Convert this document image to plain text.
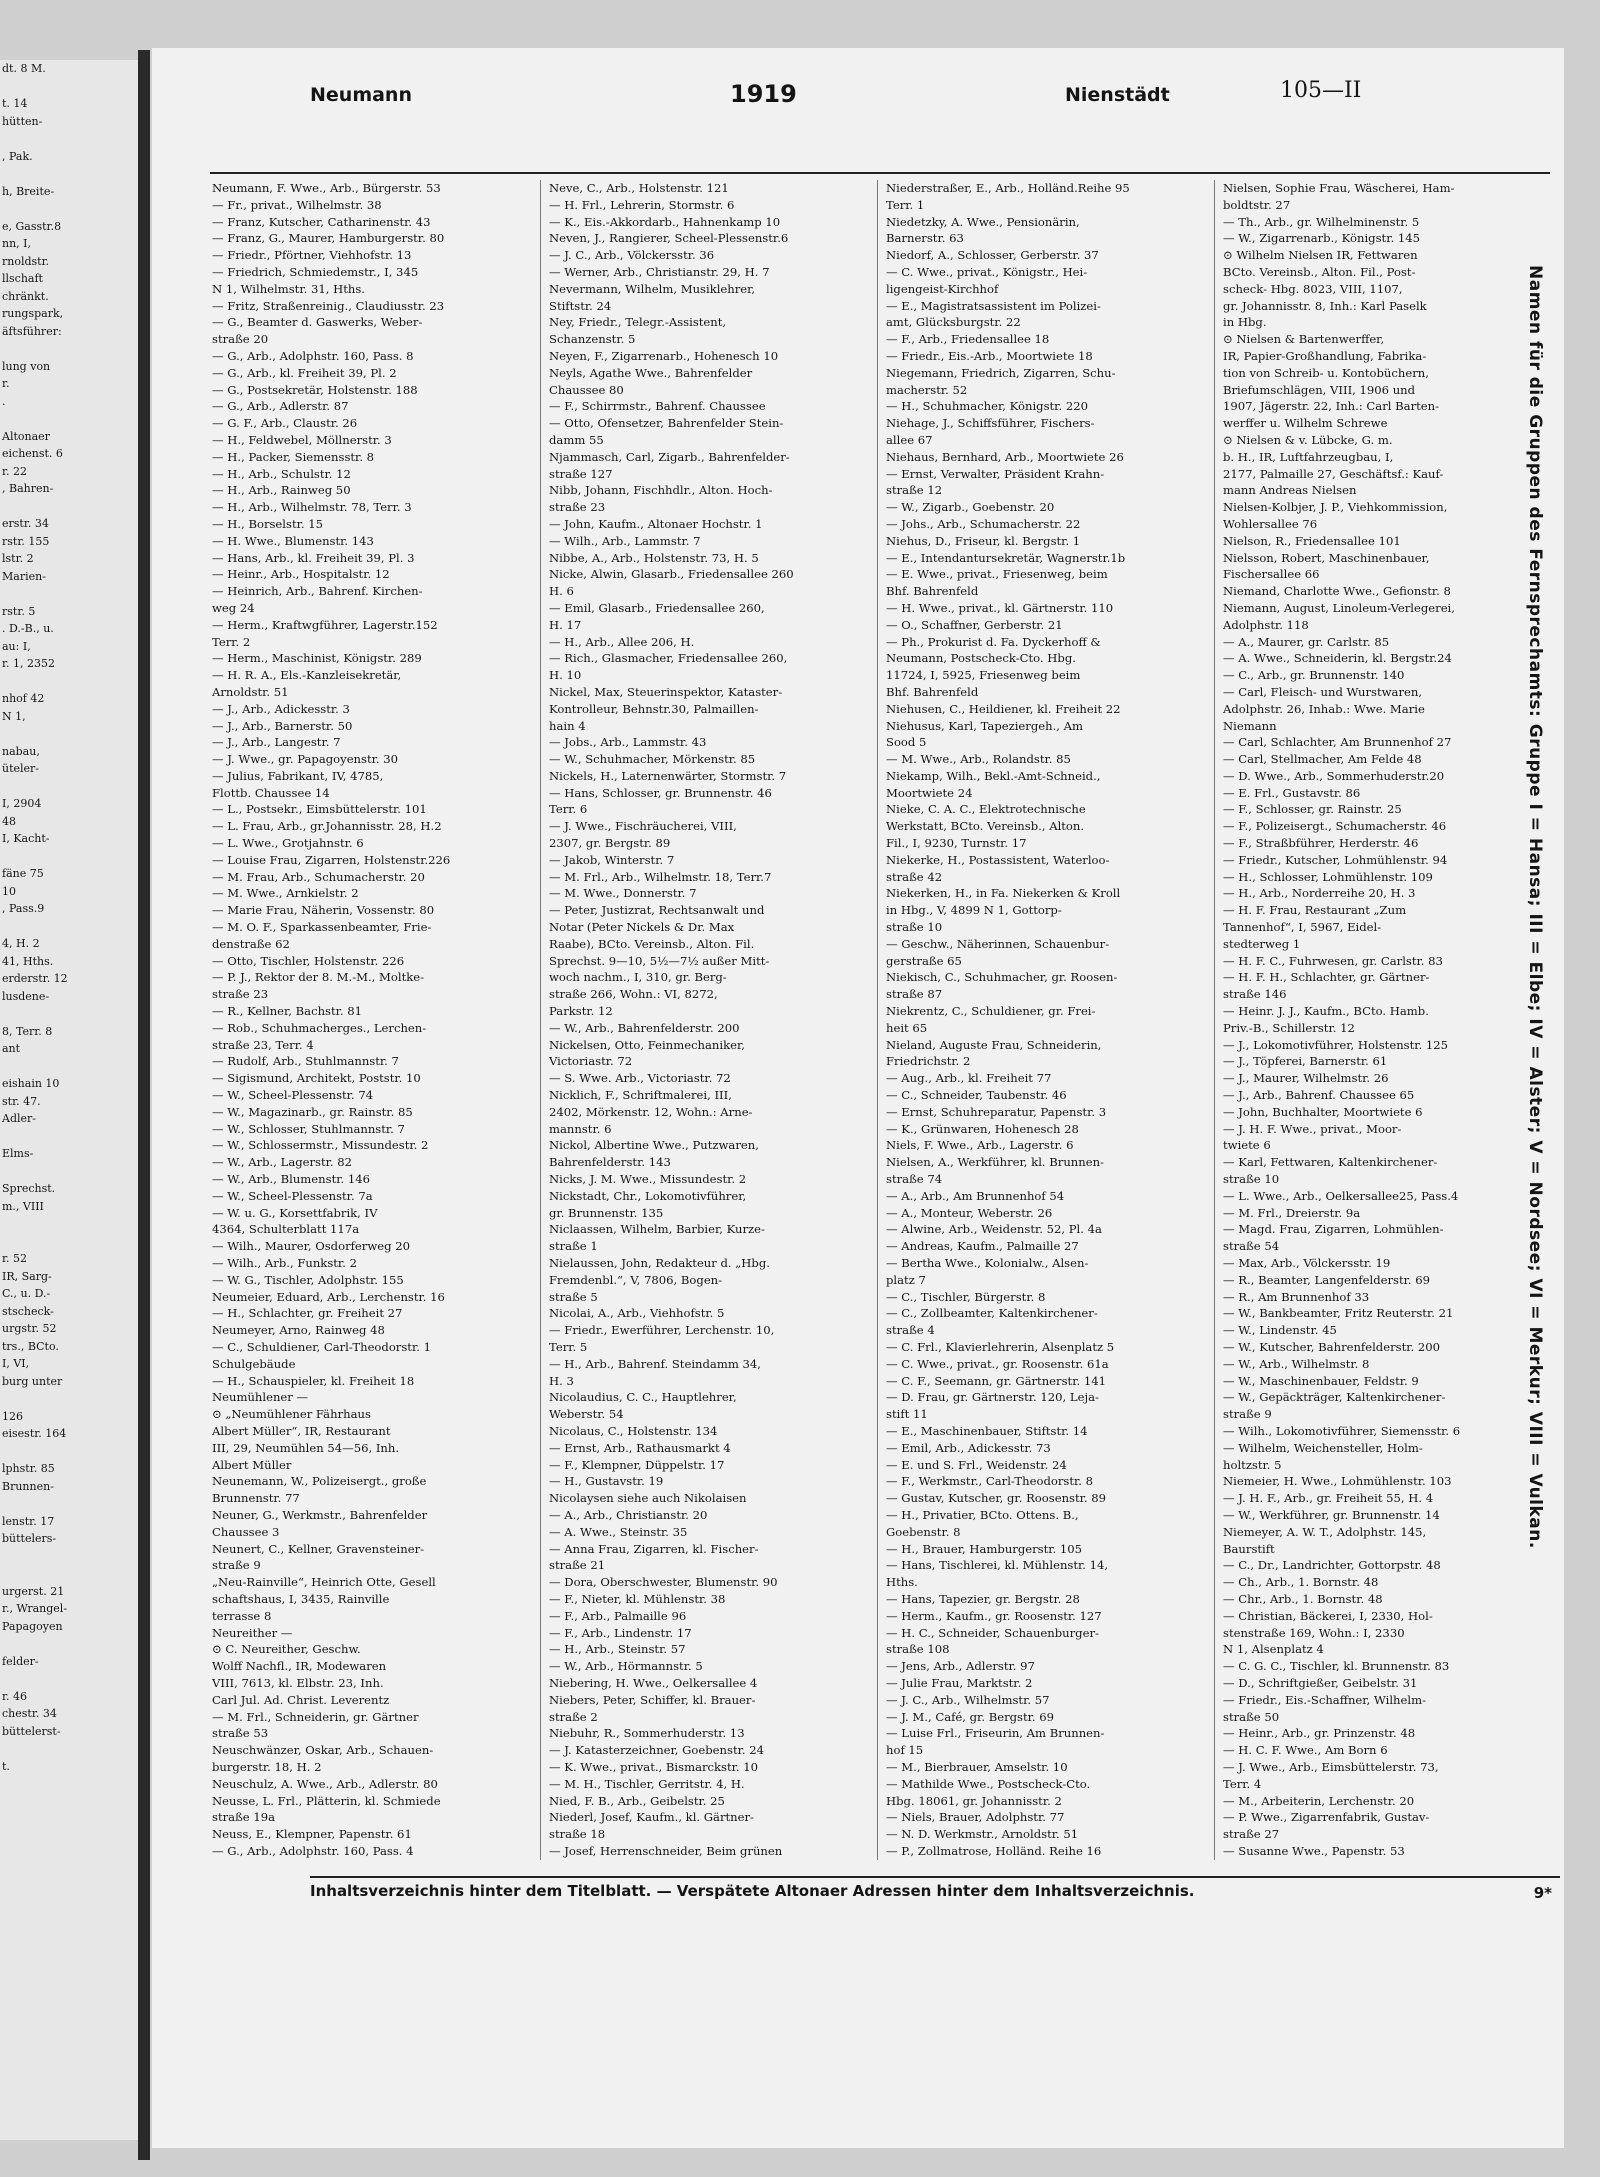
dt. 8 M.

t. 14
hütten-

, Pak.

h, Breite-

e, Gasstr.8
nn, I,
rnoldstr.
llschaft
chränkt.
rungspark,
äftsführer:

lung von
r.
.

Altonaer
eichenst. 6
r. 22
, Bahren-

erstr. 34
rstr. 155
lstr. 2
Marien-

rstr. 5
. D.-B., u.
au: I,
r. 1, 2352

nhof 42
N 1,

nabau,
üteler-

I, 2904
48
I, Kacht-

fäne 75
10
, Pass.9

4, H. 2
41, Hths.
erderstr. 12
lusdene-

8, Terr. 8
ant

eishain 10
str. 47.
Adler-

Elms-

Sprechst.
m., VIII

r. 52
IR, Sarg-
C., u. D.-
stscheck-
urgstr. 52
trs., BCto.
I, VI,
burg unter

126
eisestr. 164

lphstr. 85
Brunnen-

lenstr. 17
büttelers-

urgerst. 21
r., Wrangel-
Papagoyen

felder-

r. 46
chestr. 34
büttelerst-

t.
Neumann	1919	Nienstädt	105—II
Neumann, F. Wwe., Arb., Bürgerstr. 53
— Fr., privat., Wilhelmstr. 38
— Franz, Kutscher, Catharinenstr. 43
— Franz, G., Maurer, Hamburgerstr. 80
— Friedr., Pförtner, Viehhofstr. 13
— Friedrich, Schmiedemstr., I, 345
N 1, Wilhelmstr. 31, Hths.
— Fritz, Straßenreinig., Claudiusstr. 23
— G., Beamter d. Gaswerks, Weber-
straße 20
— G., Arb., Adolphstr. 160, Pass. 8
— G., Arb., kl. Freiheit 39, Pl. 2
— G., Postsekretär, Holstenstr. 188
— G., Arb., Adlerstr. 87
— G. F., Arb., Claustr. 26
— H., Feldwebel, Möllnerstr. 3
— H., Packer, Siemensstr. 8
— H., Arb., Schulstr. 12
— H., Arb., Rainweg 50
— H., Arb., Wilhelmstr. 78, Terr. 3
— H., Borselstr. 15
— H. Wwe., Blumenstr. 143
— Hans, Arb., kl. Freiheit 39, Pl. 3
— Heinr., Arb., Hospitalstr. 12
— Heinrich, Arb., Bahrenf. Kirchen-
weg 24
— Herm., Kraftwgführer, Lagerstr.152
Terr. 2
— Herm., Maschinist, Königstr. 289
— H. R. A., Els.-Kanzleisekretär,
Arnoldstr. 51
— J., Arb., Adickesstr. 3
— J., Arb., Barnerstr. 50
— J., Arb., Langestr. 7
— J. Wwe., gr. Papagoyenstr. 30
— Julius, Fabrikant, IV, 4785,
Flottb. Chaussee 14
— L., Postsekr., Eimsbüttelerstr. 101
— L. Frau, Arb., gr.Johannisstr. 28, H.2
— L. Wwe., Grotjahnstr. 6
— Louise Frau, Zigarren, Holstenstr.226
— M. Frau, Arb., Schumacherstr. 20
— M. Wwe., Arnkielstr. 2
— Marie Frau, Näherin, Vossenstr. 80
— M. O. F., Sparkassenbeamter, Frie-
denstraße 62
— Otto, Tischler, Holstenstr. 226
— P. J., Rektor der 8. M.-M., Moltke-
straße 23
— R., Kellner, Bachstr. 81
— Rob., Schuhmacherges., Lerchen-
straße 23, Terr. 4
— Rudolf, Arb., Stuhlmannstr. 7
— Sigismund, Architekt, Poststr. 10
— W., Scheel-Plessenstr. 74
— W., Magazinarb., gr. Rainstr. 85
— W., Schlosser, Stuhlmannstr. 7
— W., Schlossermstr., Missundestr. 2
— W., Arb., Lagerstr. 82
— W., Arb., Blumenstr. 146
— W., Scheel-Plessenstr. 7a
— W. u. G., Korsettfabrik, IV
4364, Schulterblatt 117a
— Wilh., Maurer, Osdorferweg 20
— Wilh., Arb., Funkstr. 2
— W. G., Tischler, Adolphstr. 155
Neumeier, Eduard, Arb., Lerchenstr. 16
— H., Schlachter, gr. Freiheit 27
Neumeyer, Arno, Rainweg 48
— C., Schuldiener, Carl-Theodorstr. 1
Schulgebäude
— H., Schauspieler, kl. Freiheit 18
Neumühlener —
⊙ „Neumühlener Fährhaus
Albert Müller“, IR, Restaurant
III, 29, Neumühlen 54—56, Inh.
Albert Müller
Neunemann, W., Polizeisergt., große
Brunnenstr. 77
Neuner, G., Werkmstr., Bahrenfelder
Chaussee 3
Neunert, C., Kellner, Gravensteiner-
straße 9
„Neu-Rainville“, Heinrich Otte, Gesell
schaftshaus, I, 3435, Rainville
terrasse 8
Neureither —
⊙ C. Neureither, Geschw.
Wolff Nachfl., IR, Modewaren
VIII, 7613, kl. Elbstr. 23, Inh.
Carl Jul. Ad. Christ. Leverentz
— M. Frl., Schneiderin, gr. Gärtner
straße 53
Neuschwänzer, Oskar, Arb., Schauen-
burgerstr. 18, H. 2
Neuschulz, A. Wwe., Arb., Adlerstr. 80
Neusse, L. Frl., Plätterin, kl. Schmiede
straße 19a
Neuss, E., Klempner, Papenstr. 61
— G., Arb., Adolphstr. 160, Pass. 4
Neve, C., Arb., Holstenstr. 121
— H. Frl., Lehrerin, Stormstr. 6
— K., Eis.-Akkordarb., Hahnenkamp 10
Neven, J., Rangierer, Scheel-Plessenstr.6
— J. C., Arb., Völckersstr. 36
— Werner, Arb., Christianstr. 29, H. 7
Nevermann, Wilhelm, Musiklehrer,
Stiftstr. 24
Ney, Friedr., Telegr.-Assistent,
Schanzenstr. 5
Neyen, F., Zigarrenarb., Hohenesch 10
Neyls, Agathe Wwe., Bahrenfelder
Chaussee 80
— F., Schirrmstr., Bahrenf. Chaussee
— Otto, Ofensetzer, Bahrenfelder Stein-
damm 55
Njammasch, Carl, Zigarb., Bahrenfelder-
straße 127
Nibb, Johann, Fischhdlr., Alton. Hoch-
straße 23
— John, Kaufm., Altonaer Hochstr. 1
— Wilh., Arb., Lammstr. 7
Nibbe, A., Arb., Holstenstr. 73, H. 5
Nicke, Alwin, Glasarb., Friedensallee 260
H. 6
— Emil, Glasarb., Friedensallee 260,
H. 17
— H., Arb., Allee 206, H.
— Rich., Glasmacher, Friedensallee 260,
H. 10
Nickel, Max, Steuerinspektor, Kataster-
Kontrolleur, Behnstr.30, Palmaillen-
hain 4
— Jobs., Arb., Lammstr. 43
— W., Schuhmacher, Mörkenstr. 85
Nickels, H., Laternenwärter, Stormstr. 7
— Hans, Schlosser, gr. Brunnenstr. 46
Terr. 6
— J. Wwe., Fischräucherei, VIII,
2307, gr. Bergstr. 89
— Jakob, Winterstr. 7
— M. Frl., Arb., Wilhelmstr. 18, Terr.7
— M. Wwe., Donnerstr. 7
— Peter, Justizrat, Rechtsanwalt und
Notar (Peter Nickels & Dr. Max
Raabe), BCto. Vereinsb., Alton. Fil.
Sprechst. 9—10, 5½—7½ außer Mitt-
woch nachm., I, 310, gr. Berg-
straße 266, Wohn.: VI, 8272,
Parkstr. 12
— W., Arb., Bahrenfelderstr. 200
Nickelsen, Otto, Feinmechaniker,
Victoriastr. 72
— S. Wwe. Arb., Victoriastr. 72
Nicklich, F., Schriftmalerei, III,
2402, Mörkenstr. 12, Wohn.: Arne-
mannstr. 6
Nickol, Albertine Wwe., Putzwaren,
Bahrenfelderstr. 143
Nicks, J. M. Wwe., Missundestr. 2
Nickstadt, Chr., Lokomotivführer,
gr. Brunnenstr. 135
Niclaassen, Wilhelm, Barbier, Kurze-
straße 1
Nielaussen, John, Redakteur d. „Hbg.
Fremdenbl.“, V, 7806, Bogen-
straße 5
Nicolai, A., Arb., Viehhofstr. 5
— Friedr., Ewerführer, Lerchenstr. 10,
Terr. 5
— H., Arb., Bahrenf. Steindamm 34,
H. 3
Nicolaudius, C. C., Hauptlehrer,
Weberstr. 54
Nicolaus, C., Holstenstr. 134
— Ernst, Arb., Rathausmarkt 4
— F., Klempner, Düppelstr. 17
— H., Gustavstr. 19
Nicolaysen siehe auch Nikolaisen
— A., Arb., Christianstr. 20
— A. Wwe., Steinstr. 35
— Anna Frau, Zigarren, kl. Fischer-
straße 21
— Dora, Oberschwester, Blumenstr. 90
— F., Nieter, kl. Mühlenstr. 38
— F., Arb., Palmaille 96
— F., Arb., Lindenstr. 17
— H., Arb., Steinstr. 57
— W., Arb., Hörmannstr. 5
Niebering, H. Wwe., Oelkersallee 4
Niebers, Peter, Schiffer, kl. Brauer-
straße 2
Niebuhr, R., Sommerhuderstr. 13
— J. Katasterzeichner, Goebenstr. 24
— K. Wwe., privat., Bismarckstr. 10
— M. H., Tischler, Gerritstr. 4, H.
Nied, F. B., Arb., Geibelstr. 25
Niederl, Josef, Kaufm., kl. Gärtner-
straße 18
— Josef, Herrenschneider, Beim grünen
Niederstraßer, E., Arb., Holländ.Reihe 95
Terr. 1
Niedetzky, A. Wwe., Pensionärin,
Barnerstr. 63
Niedorf, A., Schlosser, Gerberstr. 37
— C. Wwe., privat., Königstr., Hei-
ligengeist-Kirchhof
— E., Magistratsassistent im Polizei-
amt, Glücksburgstr. 22
— F., Arb., Friedensallee 18
— Friedr., Eis.-Arb., Moortwiete 18
Niegemann, Friedrich, Zigarren, Schu-
macherstr. 52
— H., Schuhmacher, Königstr. 220
Niehage, J., Schiffsführer, Fischers-
allee 67
Niehaus, Bernhard, Arb., Moortwiete 26
— Ernst, Verwalter, Präsident Krahn-
straße 12
— W., Zigarb., Goebenstr. 20
— Johs., Arb., Schumacherstr. 22
Niehus, D., Friseur, kl. Bergstr. 1
— E., Intendantursekretär, Wagnerstr.1b
— E. Wwe., privat., Friesenweg, beim
Bhf. Bahrenfeld
— H. Wwe., privat., kl. Gärtnerstr. 110
— O., Schaffner, Gerberstr. 21
— Ph., Prokurist d. Fa. Dyckerhoff &
Neumann, Postscheck-Cto. Hbg.
11724, I, 5925, Friesenweg beim
Bhf. Bahrenfeld
Niehusen, C., Heildiener, kl. Freiheit 22
Niehusus, Karl, Tapeziergeh., Am
Sood 5
— M. Wwe., Arb., Rolandstr. 85
Niekamp, Wilh., Bekl.-Amt-Schneid.,
Moortwiete 24
Nieke, C. A. C., Elektrotechnische
Werkstatt, BCto. Vereinsb., Alton.
Fil., I, 9230, Turnstr. 17
Niekerke, H., Postassistent, Waterloo-
straße 42
Niekerken, H., in Fa. Niekerken & Kroll
in Hbg., V, 4899 N 1, Gottorp-
straße 10
— Geschw., Näherinnen, Schauenbur-
gerstraße 65
Niekisch, C., Schuhmacher, gr. Roosen-
straße 87
Niekrentz, C., Schuldiener, gr. Frei-
heit 65
Nieland, Auguste Frau, Schneiderin,
Friedrichstr. 2
— Aug., Arb., kl. Freiheit 77
— C., Schneider, Taubenstr. 46
— Ernst, Schuhreparatur, Papenstr. 3
— K., Grünwaren, Hohenesch 28
Niels, F. Wwe., Arb., Lagerstr. 6
Nielsen, A., Werkführer, kl. Brunnen-
straße 74
— A., Arb., Am Brunnenhof 54
— A., Monteur, Weberstr. 26
— Alwine, Arb., Weidenstr. 52, Pl. 4a
— Andreas, Kaufm., Palmaille 27
— Bertha Wwe., Kolonialw., Alsen-
platz 7
— C., Tischler, Bürgerstr. 8
— C., Zollbeamter, Kaltenkirchener-
straße 4
— C. Frl., Klavierlehrerin, Alsenplatz 5
— C. Wwe., privat., gr. Roosenstr. 61a
— C. F., Seemann, gr. Gärtnerstr. 141
— D. Frau, gr. Gärtnerstr. 120, Leja-
stift 11
— E., Maschinenbauer, Stiftstr. 14
— Emil, Arb., Adickesstr. 73
— E. und S. Frl., Weidenstr. 24
— F., Werkmstr., Carl-Theodorstr. 8
— Gustav, Kutscher, gr. Roosenstr. 89
— H., Privatier, BCto. Ottens. B.,
Goebenstr. 8
— H., Brauer, Hamburgerstr. 105
— Hans, Tischlerei, kl. Mühlenstr. 14,
Hths.
— Hans, Tapezier, gr. Bergstr. 28
— Herm., Kaufm., gr. Roosenstr. 127
— H. C., Schneider, Schauenburger-
straße 108
— Jens, Arb., Adlerstr. 97
— Julie Frau, Marktstr. 2
— J. C., Arb., Wilhelmstr. 57
— J. M., Café, gr. Bergstr. 69
— Luise Frl., Friseurin, Am Brunnen-
hof 15
— M., Bierbrauer, Amselstr. 10
— Mathilde Wwe., Postscheck-Cto.
Hbg. 18061, gr. Johannisstr. 2
— Niels, Brauer, Adolphstr. 77
— N. D. Werkmstr., Arnoldstr. 51
— P., Zollmatrose, Holländ. Reihe 16
Nielsen, Sophie Frau, Wäscherei, Ham-
boldtstr. 27
— Th., Arb., gr. Wilhelminenstr. 5
— W., Zigarrenarb., Königstr. 145
⊙ Wilhelm Nielsen IR, Fettwaren
BCto. Vereinsb., Alton. Fil., Post-
scheck- Hbg. 8023, VIII, 1107,
gr. Johannisstr. 8, Inh.: Karl Paselk
in Hbg.
⊙ Nielsen & Bartenwerffer,
IR, Papier-Großhandlung, Fabrika-
tion von Schreib- u. Kontobüchern,
Briefumschlägen, VIII, 1906 und
1907, Jägerstr. 22, Inh.: Carl Barten-
werffer u. Wilhelm Schrewe
⊙ Nielsen & v. Lübcke, G. m.
b. H., IR, Luftfahrzeugbau, I,
2177, Palmaille 27, Geschäftsf.: Kauf-
mann Andreas Nielsen
Nielsen-Kolbjer, J. P., Viehkommission,
Wohlersallee 76
Nielson, R., Friedensallee 101
Nielsson, Robert, Maschinenbauer,
Fischersallee 66
Niemand, Charlotte Wwe., Gefionstr. 8
Niemann, August, Linoleum-Verlegerei,
Adolphstr. 118
— A., Maurer, gr. Carlstr. 85
— A. Wwe., Schneiderin, kl. Bergstr.24
— C., Arb., gr. Brunnenstr. 140
— Carl, Fleisch- und Wurstwaren,
Adolphstr. 26, Inhab.: Wwe. Marie
Niemann
— Carl, Schlachter, Am Brunnenhof 27
— Carl, Stellmacher, Am Felde 48
— D. Wwe., Arb., Sommerhuderstr.20
— E. Frl., Gustavstr. 86
— F., Schlosser, gr. Rainstr. 25
— F., Polizeisergt., Schumacherstr. 46
— F., Straßbführer, Herderstr. 46
— Friedr., Kutscher, Lohmühlenstr. 94
— H., Schlosser, Lohmühlenstr. 109
— H., Arb., Norderreihe 20, H. 3
— H. F. Frau, Restaurant „Zum
Tannenhof“, I, 5967, Eidel-
stedterweg 1
— H. F. C., Fuhrwesen, gr. Carlstr. 83
— H. F. H., Schlachter, gr. Gärtner-
straße 146
— Heinr. J. J., Kaufm., BCto. Hamb.
Priv.-B., Schillerstr. 12
— J., Lokomotivführer, Holstenstr. 125
— J., Töpferei, Barnerstr. 61
— J., Maurer, Wilhelmstr. 26
— J., Arb., Bahrenf. Chaussee 65
— John, Buchhalter, Moortwiete 6
— J. H. F. Wwe., privat., Moor-
twiete 6
— Karl, Fettwaren, Kaltenkirchener-
straße 10
— L. Wwe., Arb., Oelkersallee25, Pass.4
— M. Frl., Dreierstr. 9a
— Magd. Frau, Zigarren, Lohmühlen-
straße 54
— Max, Arb., Völckersstr. 19
— R., Beamter, Langenfelderstr. 69
— R., Am Brunnenhof 33
— W., Bankbeamter, Fritz Reuterstr. 21
— W., Lindenstr. 45
— W., Kutscher, Bahrenfelderstr. 200
— W., Arb., Wilhelmstr. 8
— W., Maschinenbauer, Feldstr. 9
— W., Gepäckträger, Kaltenkirchener-
straße 9
— Wilh., Lokomotivführer, Siemensstr. 6
— Wilhelm, Weichensteller, Holm-
holtzstr. 5
Niemeier, H. Wwe., Lohmühlenstr. 103
— J. H. F., Arb., gr. Freiheit 55, H. 4
— W., Werkführer, gr. Brunnenstr. 14
Niemeyer, A. W. T., Adolphstr. 145,
Baurstift
— C., Dr., Landrichter, Gottorpstr. 48
— Ch., Arb., 1. Bornstr. 48
— Chr., Arb., 1. Bornstr. 48
— Christian, Bäckerei, I, 2330, Hol-
stenstraße 169, Wohn.: I, 2330
N 1, Alsenplatz 4
— C. G. C., Tischler, kl. Brunnenstr. 83
— D., Schriftgießer, Geibelstr. 31
— Friedr., Eis.-Schaffner, Wilhelm-
straße 50
— Heinr., Arb., gr. Prinzenstr. 48
— H. C. F. Wwe., Am Born 6
— J. Wwe., Arb., Eimsbüttelerstr. 73,
Terr. 4
— M., Arbeiterin, Lerchenstr. 20
— P. Wwe., Zigarrenfabrik, Gustav-
straße 27
— Susanne Wwe., Papenstr. 53
Namen für die Gruppen des Fernsprechamts: Gruppe I = Hansa; III = Elbe; IV = Alster; V = Nordsee; VI = Merkur; VIII = Vulkan.
Inhaltsverzeichnis hinter dem Titelblatt. — Verspätete Altonaer Adressen hinter dem Inhaltsverzeichnis.	9*
